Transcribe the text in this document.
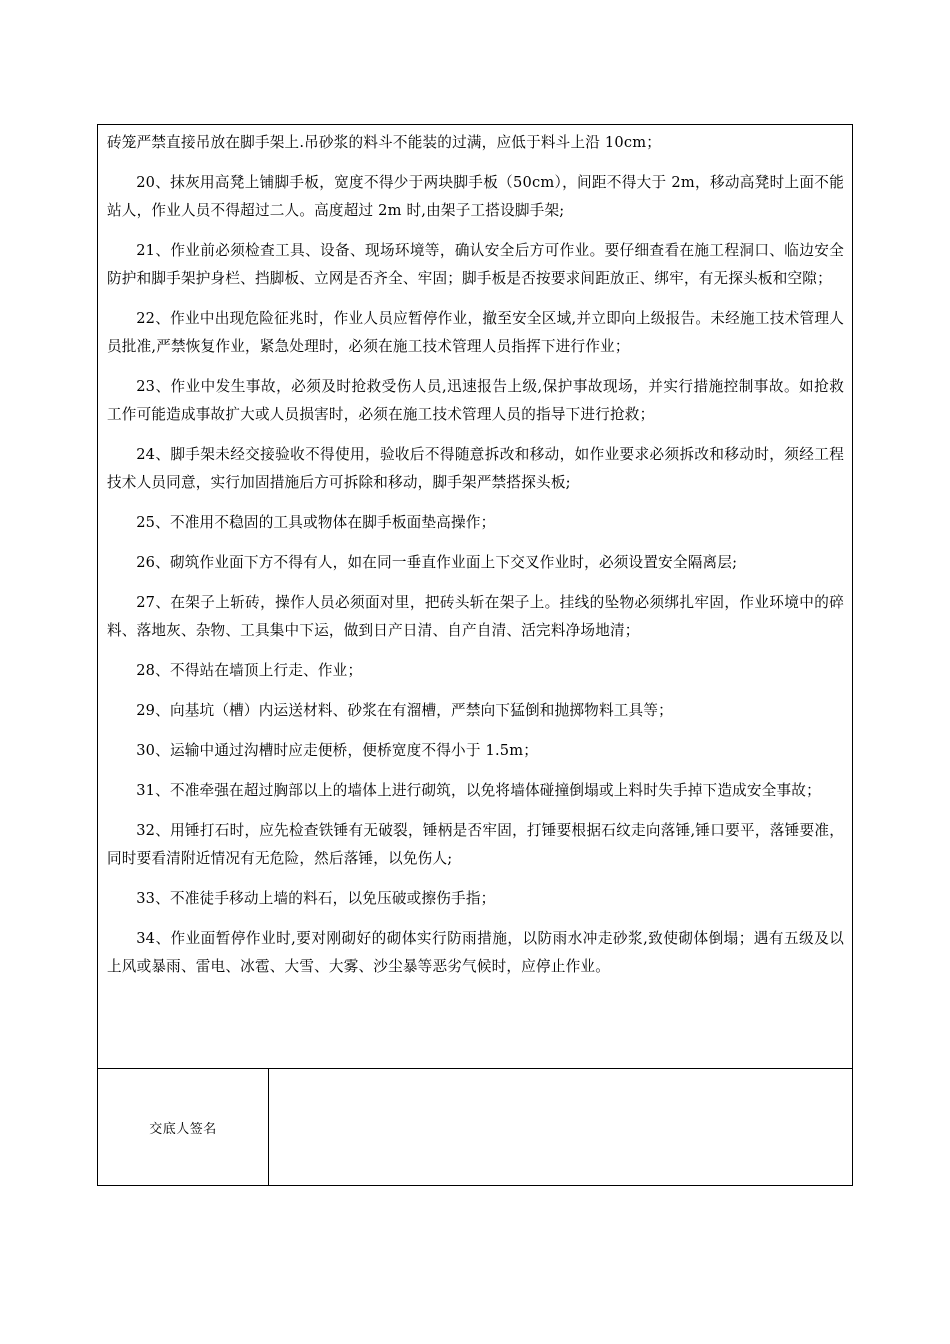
砖笼严禁直接吊放在脚手架上.吊砂浆的料斗不能装的过满，应低于料斗上沿 10cm；

20、抹灰用高凳上铺脚手板，宽度不得少于两块脚手板（50cm），间距不得大于 2m，移动高凳时上面不能站人，作业人员不得超过二人。高度超过 2m 时,由架子工搭设脚手架;

21、作业前必须检查工具、设备、现场环境等，确认安全后方可作业。要仔细查看在施工程洞口、临边安全防护和脚手架护身栏、挡脚板、立网是否齐全、牢固；脚手板是否按要求间距放正、绑牢，有无探头板和空隙；

22、作业中出现危险征兆时，作业人员应暂停作业，撤至安全区域,并立即向上级报告。未经施工技术管理人员批准,严禁恢复作业，紧急处理时，必须在施工技术管理人员指挥下进行作业；

23、作业中发生事故，必须及时抢救受伤人员,迅速报告上级,保护事故现场，并实行措施控制事故。如抢救工作可能造成事故扩大或人员损害时，必须在施工技术管理人员的指导下进行抢救；

24、脚手架未经交接验收不得使用，验收后不得随意拆改和移动，如作业要求必须拆改和移动时，须经工程技术人员同意，实行加固措施后方可拆除和移动，脚手架严禁搭探头板;

25、不准用不稳固的工具或物体在脚手板面垫高操作；

26、砌筑作业面下方不得有人，如在同一垂直作业面上下交叉作业时，必须设置安全隔离层;

27、在架子上斩砖，操作人员必须面对里，把砖头斩在架子上。挂线的坠物必须绑扎牢固，作业环境中的碎料、落地灰、杂物、工具集中下运，做到日产日清、自产自清、活完料净场地清；

28、不得站在墙顶上行走、作业；

29、向基坑（槽）内运送材料、砂浆在有溜槽，严禁向下猛倒和抛掷物料工具等；

30、运输中通过沟槽时应走便桥，便桥宽度不得小于 1.5m；

31、不准牵强在超过胸部以上的墙体上进行砌筑，以免将墙体碰撞倒塌或上料时失手掉下造成安全事故；

32、用锤打石时，应先检查铁锤有无破裂，锤柄是否牢固，打锤要根据石纹走向落锤,锤口要平，落锤要准，同时要看清附近情况有无危险，然后落锤，以免伤人;

33、不准徒手移动上墙的料石，以免压破或擦伤手指；

34、作业面暂停作业时,要对刚砌好的砌体实行防雨措施，以防雨水冲走砂浆,致使砌体倒塌；遇有五级及以上风或暴雨、雷电、冰雹、大雪、大雾、沙尘暴等恶劣气候时，应停止作业。

交底人签名
